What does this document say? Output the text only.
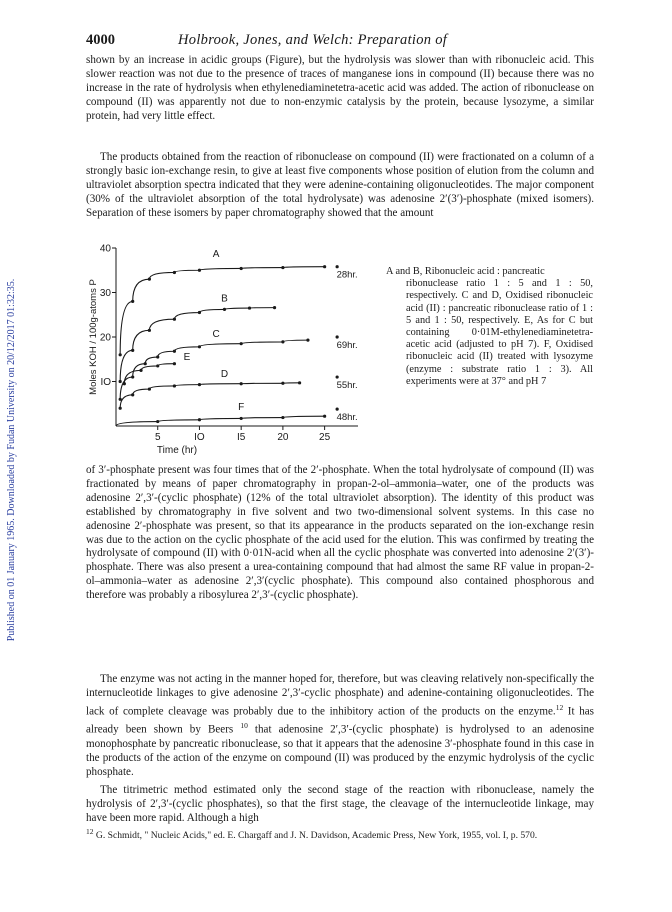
Published on 01 January 1965. Downloaded by Fudan University on 20/12/2017 01:32:35.
4000	Holbrook, Jones, and Welch: Preparation of

shown by an increase in acidic groups (Figure), but the hydrolysis was slower than with ribonucleic acid. This slower reaction was not due to the presence of traces of manganese ions in compound (II) because there was no increase in the rate of hydrolysis when ethylenediaminetetra-acetic acid was added. The action of ribonuclease on compound (II) was apparently not due to non-enzymic catalysis by the protein, because lysozyme, a similar protein, had very little effect.

The products obtained from the reaction of ribonuclease on compound (II) were fractionated on a column of a strongly basic ion-exchange resin, to give at least five components whose position of elution from the column and ultraviolet absorption spectra indicated that they were adenine-containing oligonucleotides. The major component (30% of the ultraviolet absorption of the total hydrolysate) was adenosine 2′(3′)-phosphate (mixed isomers). Separation of these isomers by paper chromatography showed that the amount

5	IO	I5	20	25
IO
20
30
40
Time (hr)
Moles KOH / 100g-atoms P
A
28hr.
B
C
69hr.
D
55hr.
E
F
48hr.
A and B, Ribonucleic acid : pancreatic
ribonuclease ratio 1 : 5 and 1 : 50, respectively. C and D, Oxidised ribonucleic acid (II) : pancreatic ribonuclease ratio of 1 : 5 and 1 : 50, respectively. E, As for C but containing 0·01M-ethylenediaminetetra-acetic acid (adjusted to pH 7). F, Oxidised ribonucleic acid (II) treated with lysozyme (enzyme : substrate ratio 1 : 3). All experiments were at 37° and pH 7

of 3′-phosphate present was four times that of the 2′-phosphate. When the total hydrolysate of compound (II) was fractionated by means of paper chromatography in propan-2-ol–ammonia–water, one of the products was adenosine 2′,3′-(cyclic phosphate) (12% of the total ultraviolet absorption). The identity of this product was established by chromatography in five solvent and two two-dimensional solvent systems. In this case no adenosine 2′-phosphate was present, so that its appearance in the products separated on the ion-exchange resin was due to the action on the cyclic phosphate of the acid used for the elution. This was confirmed by treating the hydrolysate of compound (II) with 0·01N-acid when all the cyclic phosphate was converted into adenosine 2′(3′)-phosphate. There was also present a urea-containing compound that had almost the same RF value in propan-2-ol–ammonia–water as adenosine 2′,3′(cyclic phosphate). This compound also contained phosphorous and therefore was probably a ribosylurea 2′,3′-(cyclic phosphate).

The enzyme was not acting in the manner hoped for, therefore, but was cleaving relatively non-specifically the internucleotide linkages to give adenosine 2′,3′-cyclic phosphate) and adenine-containing oligonucleotides. The lack of complete cleavage was probably due to the inhibitory action of the products on the enzyme.$^{12}$ It has already been shown by Beers $^{10}$ that adenosine 2′,3′-(cyclic phosphate) is hydrolysed to an adenosine monophosphate by pancreatic ribonuclease, so that it appears that the adenosine 3′-phosphate found in this case in the products of the action of the enzyme on compound (II) was produced by the enzymic hydrolysis of the cyclic phosphate.

The titrimetric method estimated only the second stage of the reaction with ribonuclease, namely the hydrolysis of 2′,3′-(cyclic phosphates), so that the first stage, the cleavage of the internucleotide linkage, may have been more rapid. Although a high

$^{12}$ G. Schmidt, " Nucleic Acids," ed. E. Chargaff and J. N. Davidson, Academic Press, New York, 1955, vol. I, p. 570.
